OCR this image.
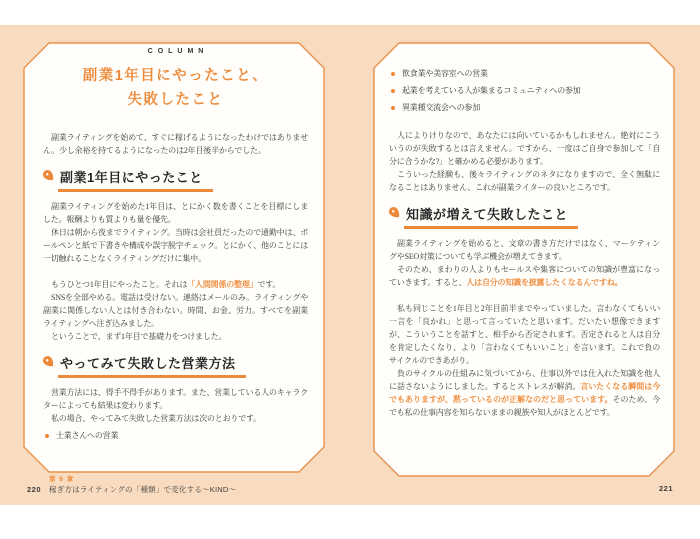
COLUMN
副業1年目にやったこと、
失敗したこと

副業ライティングを始めて、すぐに稼げるようになったわけではありません。少し余裕を持てるようになったのは2年目後半からでした。

副業1年目にやったこと

副業ライティングを始めた1年目は、とにかく数を書くことを目標にしました。報酬よりも質よりも量を優先。

休日は朝から夜までライティング。当時は会社員だったので通勤中は、ボールペンと紙で下書きや構成や誤字脱字チェック。とにかく、他のことには一切触れることなくライティングだけに集中。

もうひとつ1年目にやったこと。それは「人間関係の整理」です。

SNSを全部やめる。電話は受けない。連絡はメールのみ。ライティングや副業に関係しない人とは付き合わない。時間、お金、労力。すべてを副業ライティングへ注ぎ込みました。

ということで、まず1年目で基礎力をつけました。

やってみて失敗した営業方法

営業方法には、得手不得手があります。また、営業している人のキャラクターによっても結果は変わります。

私の場合、やってみて失敗した営業方法は次のとおりです。

士業さんへの営業
飲食業や美容室への営業
起業を考えている人が集まるコミュニティへの参加
異業種交流会への参加

人によりけりなので、あなたには向いているかもしれません。絶対にこういうのが失敗するとは言えません。ですから、一度はご自身で参加して「自分に合うかな?」と確かめる必要があります。

こういった経験も、後々ライティングのネタになりますので、全く無駄になることはありません。これが副業ライターの良いところです。

知識が増えて失敗したこと

副業ライティングを始めると、文章の書き方だけではなく、マーケティングやSEO対策についても学ぶ機会が増えてきます。

そのため、まわりの人よりもセールスや集客についての知識が豊富になっていきます。すると、人は自分の知識を披露したくなるんですね。

私も同じことを1年目と2年目前半までやっていました。言わなくてもいい一言を「良かれ」と思って言っていたと思います。だいたい想像できますが、こういうことを話すと、相手から否定されます。否定されると人は自分を肯定したくなり、より「言わなくてもいいこと」を言います。これで負のサイクルのできあがり。

負のサイクルの仕組みに気づいてから、仕事以外では仕入れた知識を他人に話さないようにしました。するとストレスが解消。言いたくなる瞬間は今でもありますが、黙っているのが正解なのだと思っています。そのため、今でも私の仕事内容を知らないままの親族や知人がほとんどです。

220
第 6 章
稼ぎ方はライティングの「種類」で変化する〜KIND〜	221
